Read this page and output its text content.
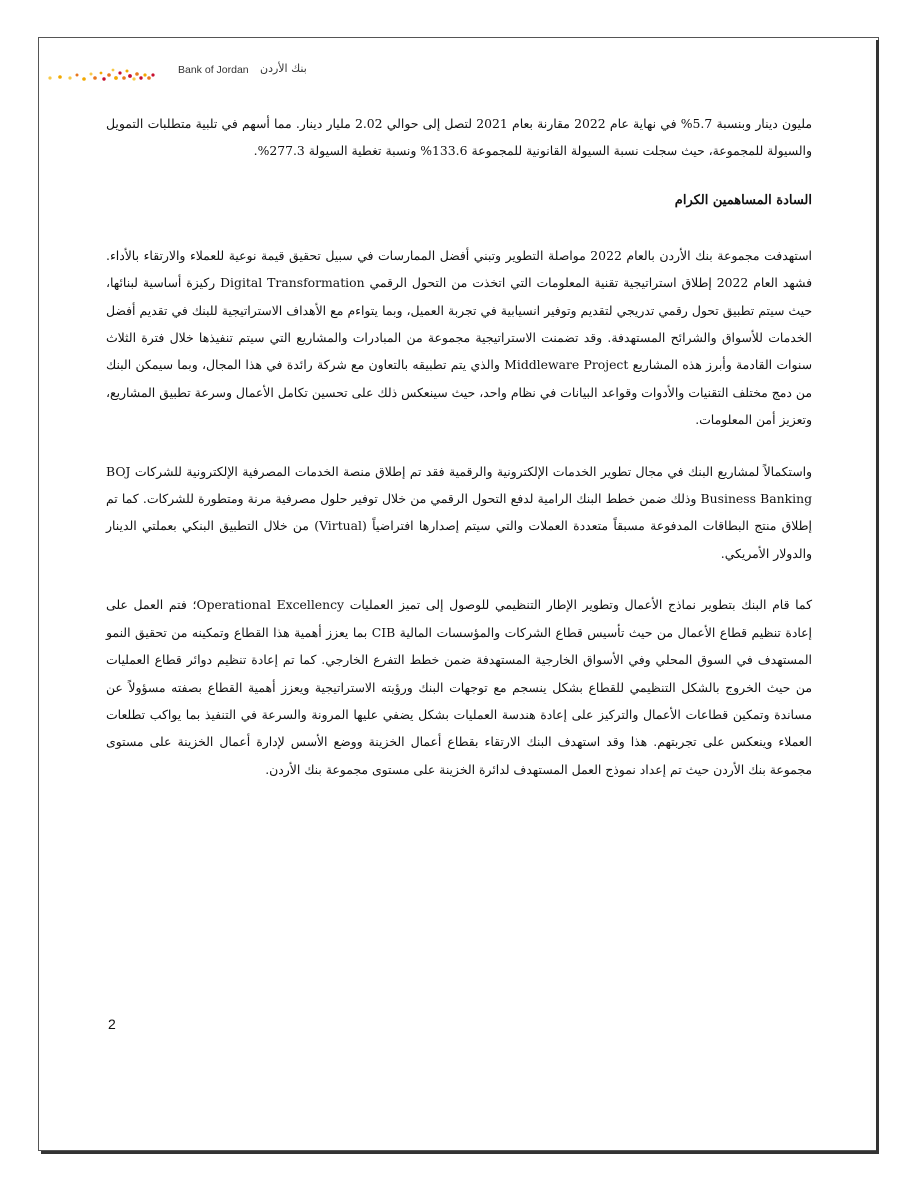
Bank of Jordan بنك الأردن

مليون دينار وبنسبة 5.7% في نهاية عام 2022 مقارنة بعام 2021 لتصل إلى حوالي 2.02 مليار دينار. مما أسهم في تلبية متطلبات التمويل والسيولة للمجموعة، حيث سجلت نسبة السيولة القانونية للمجموعة 133.6% ونسبة تغطية السيولة 277.3%.

السادة المساهمين الكرام

استهدفت مجموعة بنك الأردن بالعام 2022 مواصلة التطوير وتبني أفضل الممارسات في سبيل تحقيق قيمة نوعية للعملاء والارتقاء بالأداء. فشهد العام 2022 إطلاق استراتيجية تقنية المعلومات التي اتخذت من التحول الرقمي Digital Transformation ركيزة أساسية لبنائها، حيث سيتم تطبيق تحول رقمي تدريجي لتقديم وتوفير انسيابية في تجربة العميل، وبما يتواءم مع الأهداف الاستراتيجية للبنك في تقديم أفضل الخدمات للأسواق والشرائح المستهدفة. وقد تضمنت الاستراتيجية مجموعة من المبادرات والمشاريع التي سيتم تنفيذها خلال فترة الثلاث سنوات القادمة وأبرز هذه المشاريع Middleware Project والذي يتم تطبيقه بالتعاون مع شركة رائدة في هذا المجال، وبما سيمكن البنك من دمج مختلف التقنيات والأدوات وقواعد البيانات في نظام واحد، حيث سينعكس ذلك على تحسين تكامل الأعمال وسرعة تطبيق المشاريع، وتعزيز أمن المعلومات.

واستكمالاً لمشاريع البنك في مجال تطوير الخدمات الإلكترونية والرقمية فقد تم إطلاق منصة الخدمات المصرفية الإلكترونية للشركات BOJ Business Banking وذلك ضمن خطط البنك الرامية لدفع التحول الرقمي من خلال توفير حلول مصرفية مرنة ومتطورة للشركات. كما تم إطلاق منتج البطاقات المدفوعة مسبقاً متعددة العملات والتي سيتم إصدارها افتراضياً (Virtual) من خلال التطبيق البنكي بعملتي الدينار والدولار الأمريكي.

كما قام البنك بتطوير نماذج الأعمال وتطوير الإطار التنظيمي للوصول إلى تميز العمليات Operational Excellency؛ فتم العمل على إعادة تنظيم قطاع الأعمال من حيث تأسيس قطاع الشركات والمؤسسات المالية CIB بما يعزز أهمية هذا القطاع وتمكينه من تحقيق النمو المستهدف في السوق المحلي وفي الأسواق الخارجية المستهدفة ضمن خطط التفرع الخارجي. كما تم إعادة تنظيم دوائر قطاع العمليات من حيث الخروج بالشكل التنظيمي للقطاع بشكل ينسجم مع توجهات البنك ورؤيته الاستراتيجية ويعزز أهمية القطاع بصفته مسؤولاً عن مساندة وتمكين قطاعات الأعمال والتركيز على إعادة هندسة العمليات بشكل يضفي عليها المرونة والسرعة في التنفيذ بما يواكب تطلعات العملاء وينعكس على تجربتهم. هذا وقد استهدف البنك الارتقاء بقطاع أعمال الخزينة ووضع الأسس لإدارة أعمال الخزينة على مستوى مجموعة بنك الأردن حيث تم إعداد نموذج العمل المستهدف لدائرة الخزينة على مستوى مجموعة بنك الأردن.

2
